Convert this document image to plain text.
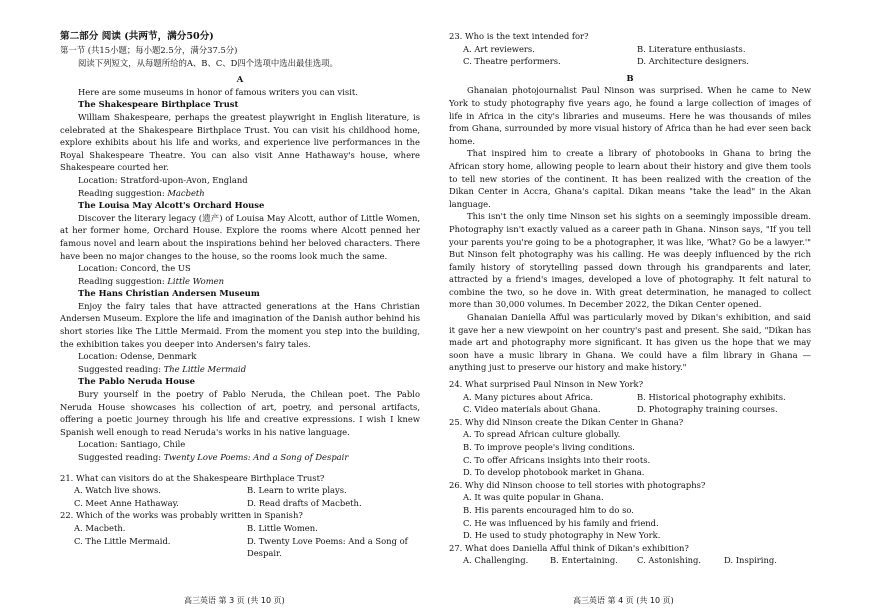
第二部分 阅读 (共两节，满分50分)

第一节 (共15小题；每小题2.5分，满分37.5分)

阅读下列短文，从每题所给的A、B、C、D四个选项中选出最佳选项。

A

Here are some museums in honor of famous writers you can visit.

The Shakespeare Birthplace Trust

William Shakespeare, perhaps the greatest playwright in English literature, is celebrated at the Shakespeare Birthplace Trust. You can visit his childhood home, explore exhibits about his life and works, and experience live performances in the Royal Shakespeare Theatre. You can also visit Anne Hathaway's house, where Shakespeare courted her.

Location: Stratford-upon-Avon, England

Reading suggestion: Macbeth

The Louisa May Alcott's Orchard House

Discover the literary legacy (遗产) of Louisa May Alcott, author of Little Women, at her former home, Orchard House. Explore the rooms where Alcott penned her famous novel and learn about the inspirations behind her beloved characters. There have been no major changes to the house, so the rooms look much the same.

Location: Concord, the US

Reading suggestion: Little Women

The Hans Christian Andersen Museum

Enjoy the fairy tales that have attracted generations at the Hans Christian Andersen Museum. Explore the life and imagination of the Danish author behind his short stories like The Little Mermaid. From the moment you step into the building, the exhibition takes you deeper into Andersen's fairy tales.

Location: Odense, Denmark

Suggested reading: The Little Mermaid

The Pablo Neruda House

Bury yourself in the poetry of Pablo Neruda, the Chilean poet. The Pablo Neruda House showcases his collection of art, poetry, and personal artifacts, offering a poetic journey through his life and creative expressions. I wish I knew Spanish well enough to read Neruda's works in his native language.

Location: Santiago, Chile

Suggested reading: Twenty Love Poems: And a Song of Despair

21. What can visitors do at the Shakespeare Birthplace Trust?

A. Watch live shows.	B. Learn to write plays.
C. Meet Anne Hathaway.	D. Read drafts of Macbeth.

22. Which of the works was probably written in Spanish?

A. Macbeth.	B. Little Women.
C. The Little Mermaid.	D. Twenty Love Poems: And a Song of Despair.

23. Who is the text intended for?

A. Art reviewers.	B. Literature enthusiasts.
C. Theatre performers.	D. Architecture designers.

B

Ghanaian photojournalist Paul Ninson was surprised. When he came to New York to study photography five years ago, he found a large collection of images of life in Africa in the city's libraries and museums. Here he was thousands of miles from Ghana, surrounded by more visual history of Africa than he had ever seen back home.

That inspired him to create a library of photobooks in Ghana to bring the African story home, allowing people to learn about their history and give them tools to tell new stories of the continent. It has been realized with the creation of the Dikan Center in Accra, Ghana's capital. Dikan means "take the lead" in the Akan language.

This isn't the only time Ninson set his sights on a seemingly impossible dream. Photography isn't exactly valued as a career path in Ghana. Ninson says, "If you tell your parents you're going to be a photographer, it was like, 'What? Go be a lawyer.'" But Ninson felt photography was his calling. He was deeply influenced by the rich family history of storytelling passed down through his grandparents and later, attracted by a friend's images, developed a love of photography. It felt natural to combine the two, so he dove in. With great determination, he managed to collect more than 30,000 volumes. In December 2022, the Dikan Center opened.

Ghanaian Daniella Afful was particularly moved by Dikan's exhibition, and said it gave her a new viewpoint on her country's past and present. She said, "Dikan has made art and photography more significant. It has given us the hope that we may soon have a music library in Ghana. We could have a film library in Ghana — anything just to preserve our history and make history."

24. What surprised Paul Ninson in New York?

A. Many pictures about Africa.	B. Historical photography exhibits.
C. Video materials about Ghana.	D. Photography training courses.

25. Why did Ninson create the Dikan Center in Ghana?

A. To spread African culture globally.

B. To improve people's living conditions.

C. To offer Africans insights into their roots.

D. To develop photobook market in Ghana.

26. Why did Ninson choose to tell stories with photographs?

A. It was quite popular in Ghana.

B. His parents encouraged him to do so.

C. He was influenced by his family and friend.

D. He used to study photography in New York.

27. What does Daniella Afful think of Dikan's exhibition?

A. Challenging.	B. Entertaining.	C. Astonishing.	D. Inspiring.
高三英语 第 3 页 (共 10 页)	高三英语 第 4 页 (共 10 页)
